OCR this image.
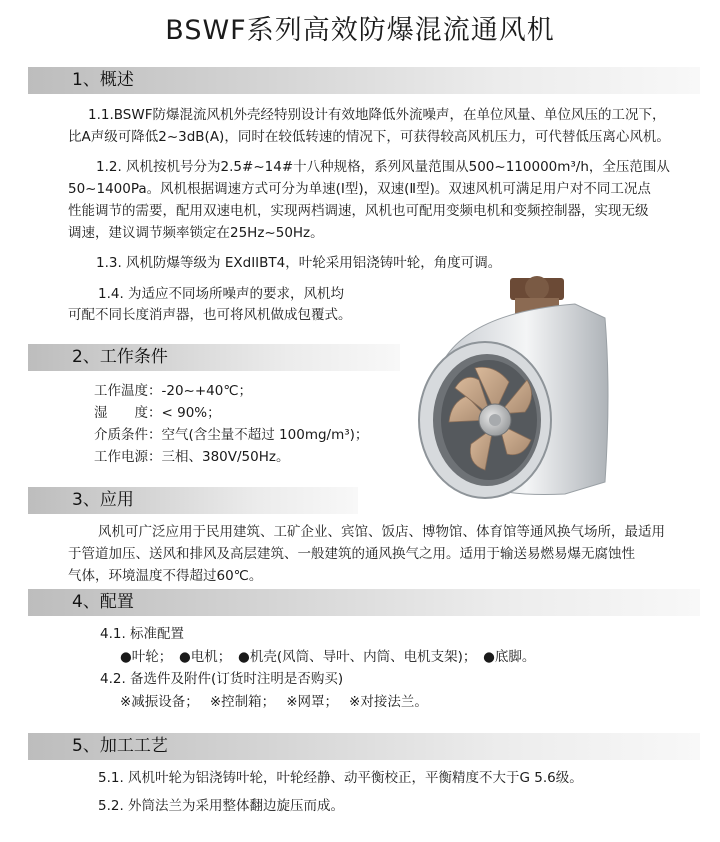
BSWF系列高效防爆混流通风机
1、概述
1.1.BSWF防爆混流风机外壳经特别设计有效地降低外流噪声，在单位风量、单位风压的工况下，
比A声级可降低2~3dB(A)，同时在较低转速的情况下，可获得较高风机压力，可代替低压离心风机。
1.2. 风机按机号分为2.5#~14#十八种规格，系列风量范围从500~110000m³/h，全压范围从
50~1400Pa。风机根据调速方式可分为单速(Ⅰ型)，双速(Ⅱ型)。双速风机可满足用户对不同工况点
性能调节的需要，配用双速电机，实现两档调速，风机也可配用变频电机和变频控制器，实现无级
调速，建议调节频率锁定在25Hz~50Hz。
1.3. 风机防爆等级为 EXdIIBT4，叶轮采用铝浇铸叶轮，角度可调。
1.4. 为适应不同场所噪声的要求，风机均
可配不同长度消声器，也可将风机做成包覆式。
2、工作条件
工作温度：-20~+40℃；
湿　　度：< 90%；
介质条件：空气(含尘量不超过 100mg/m³)；
工作电源：三相、380V/50Hz。
3、应用
风机可广泛应用于民用建筑、工矿企业、宾馆、饭店、博物馆、体育馆等通风换气场所，最适用
于管道加压、送风和排风及高层建筑、一般建筑的通风换气之用。适用于输送易燃易爆无腐蚀性
气体，环境温度不得超过60℃。
4、配置
4.1. 标准配置
●叶轮；　●电机；　●机壳(风筒、导叶、内筒、电机支架)；　●底脚。
4.2. 备选件及附件(订货时注明是否购买)
※减振设备；　 ※控制箱；　 ※网罩；　 ※对接法兰。
5、加工工艺
5.1. 风机叶轮为铝浇铸叶轮，叶轮经静、动平衡校正，平衡精度不大于G 5.6级。
5.2. 外筒法兰为采用整体翻边旋压而成。
